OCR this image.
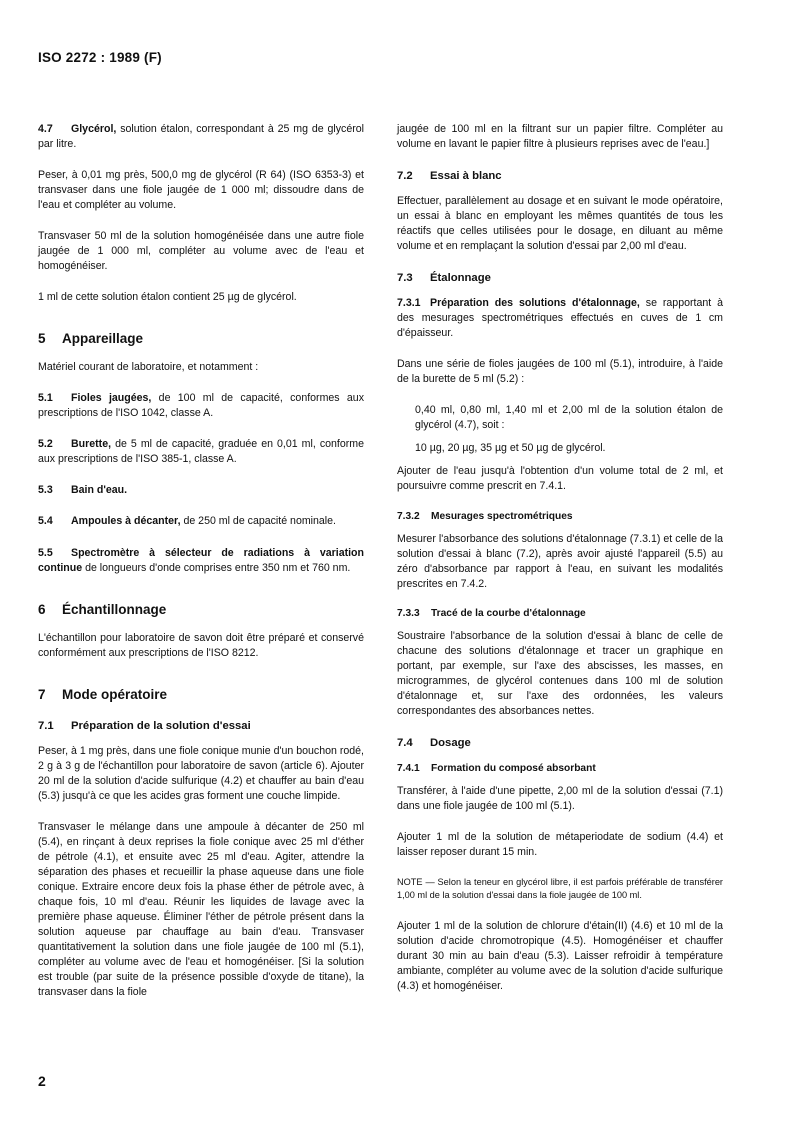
ISO 2272 : 1989 (F)

4.7 Glycérol, solution étalon, correspondant à 25 mg de glycérol par litre.

Peser, à 0,01 mg près, 500,0 mg de glycérol (R 64) (ISO 6353-3) et transvaser dans une fiole jaugée de 1 000 ml; dissoudre dans de l'eau et compléter au volume.

Transvaser 50 ml de la solution homogénéisée dans une autre fiole jaugée de 1 000 ml, compléter au volume avec de l'eau et homogénéiser.

1 ml de cette solution étalon contient 25 µg de glycérol.

5 Appareillage

Matériel courant de laboratoire, et notamment :

5.1 Fioles jaugées, de 100 ml de capacité, conformes aux prescriptions de l'ISO 1042, classe A.

5.2 Burette, de 5 ml de capacité, graduée en 0,01 ml, conforme aux prescriptions de l'ISO 385-1, classe A.

5.3 Bain d'eau.

5.4 Ampoules à décanter, de 250 ml de capacité nominale.

5.5 Spectromètre à sélecteur de radiations à variation continue de longueurs d'onde comprises entre 350 nm et 760 nm.

6 Échantillonnage

L'échantillon pour laboratoire de savon doit être préparé et conservé conformément aux prescriptions de l'ISO 8212.

7 Mode opératoire
7.1 Préparation de la solution d'essai

Peser, à 1 mg près, dans une fiole conique munie d'un bouchon rodé, 2 g à 3 g de l'échantillon pour laboratoire de savon (article 6). Ajouter 20 ml de la solution d'acide sulfurique (4.2) et chauffer au bain d'eau (5.3) jusqu'à ce que les acides gras forment une couche limpide.

Transvaser le mélange dans une ampoule à décanter de 250 ml (5.4), en rinçant à deux reprises la fiole conique avec 25 ml d'éther de pétrole (4.1), et ensuite avec 25 ml d'eau. Agiter, attendre la séparation des phases et recueillir la phase aqueuse dans une fiole conique. Extraire encore deux fois la phase éther de pétrole avec, à chaque fois, 10 ml d'eau. Réunir les liquides de lavage avec la première phase aqueuse. Éliminer l'éther de pétrole présent dans la solution aqueuse par chauffage au bain d'eau. Transvaser quantitativement la solution dans une fiole jaugée de 100 ml (5.1), compléter au volume avec de l'eau et homogénéiser. [Si la solution est trouble (par suite de la présence possible d'oxyde de titane), la transvaser dans la fiole

jaugée de 100 ml en la filtrant sur un papier filtre. Compléter au volume en lavant le papier filtre à plusieurs reprises avec de l'eau.]

7.2 Essai à blanc

Effectuer, parallèlement au dosage et en suivant le mode opératoire, un essai à blanc en employant les mêmes quantités de tous les réactifs que celles utilisées pour le dosage, en diluant au même volume et en remplaçant la solution d'essai par 2,00 ml d'eau.

7.3 Étalonnage

7.3.1 Préparation des solutions d'étalonnage, se rapportant à des mesurages spectrométriques effectués en cuves de 1 cm d'épaisseur.

Dans une série de fioles jaugées de 100 ml (5.1), introduire, à l'aide de la burette de 5 ml (5.2) :

0,40 ml, 0,80 ml, 1,40 ml et 2,00 ml de la solution étalon de glycérol (4.7), soit :

10 µg, 20 µg, 35 µg et 50 µg de glycérol.

Ajouter de l'eau jusqu'à l'obtention d'un volume total de 2 ml, et poursuivre comme prescrit en 7.4.1.

7.3.2 Mesurages spectrométriques

Mesurer l'absorbance des solutions d'étalonnage (7.3.1) et celle de la solution d'essai à blanc (7.2), après avoir ajusté l'appareil (5.5) au zéro d'absorbance par rapport à l'eau, en suivant les modalités prescrites en 7.4.2.

7.3.3 Tracé de la courbe d'étalonnage

Soustraire l'absorbance de la solution d'essai à blanc de celle de chacune des solutions d'étalonnage et tracer un graphique en portant, par exemple, sur l'axe des abscisses, les masses, en microgrammes, de glycérol contenues dans 100 ml de solution d'étalonnage et, sur l'axe des ordonnées, les valeurs correspondantes des absorbances nettes.

7.4 Dosage
7.4.1 Formation du composé absorbant

Transférer, à l'aide d'une pipette, 2,00 ml de la solution d'essai (7.1) dans une fiole jaugée de 100 ml (5.1).

Ajouter 1 ml de la solution de métaperiodate de sodium (4.4) et laisser reposer durant 15 min.

NOTE — Selon la teneur en glycérol libre, il est parfois préférable de transférer 1,00 ml de la solution d'essai dans la fiole jaugée de 100 ml.

Ajouter 1 ml de la solution de chlorure d'étain(II) (4.6) et 10 ml de la solution d'acide chromotropique (4.5). Homogénéiser et chauffer durant 30 min au bain d'eau (5.3). Laisser refroidir à température ambiante, compléter au volume avec de la solution d'acide sulfurique (4.3) et homogénéiser.

2
